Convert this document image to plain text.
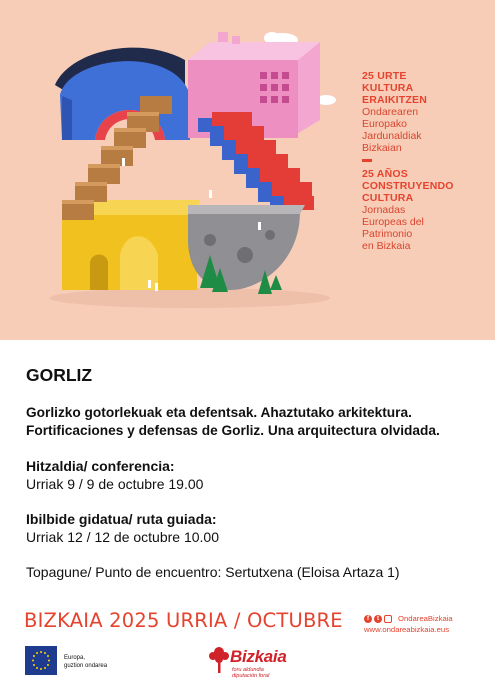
25 URTE
KULTURA
ERAIKITZEN
Ondarearen
Europako
Jardunaldiak
Bizkaian
25 AÑOS
CONSTRUYENDO
CULTURA
Jornadas
Europeas del
Patrimonio
en Bizkaia
GORLIZ
Gorlizko gotorlekuak eta defentsak. Ahaztutako arkitektura.
Fortificaciones y defensas de Gorliz. Una arquitectura olvidada.
Hitzaldia/ conferencia:
Urriak 9 / 9 de octubre 19.00
Ibilbide gidatua/ ruta guiada:
Urriak 12 / 12 de octubre 10.00
Topagune/ Punto de encuentro: Sertutxena (Eloisa Artaza 1)
BIZKAIA 2025 URRIA / OCTUBRE	f	t	OndareaBizkaia
www.ondareabizkaia.eus
Europa,
guztion ondarea	Bizkaia
foru aldundia
diputación foral
